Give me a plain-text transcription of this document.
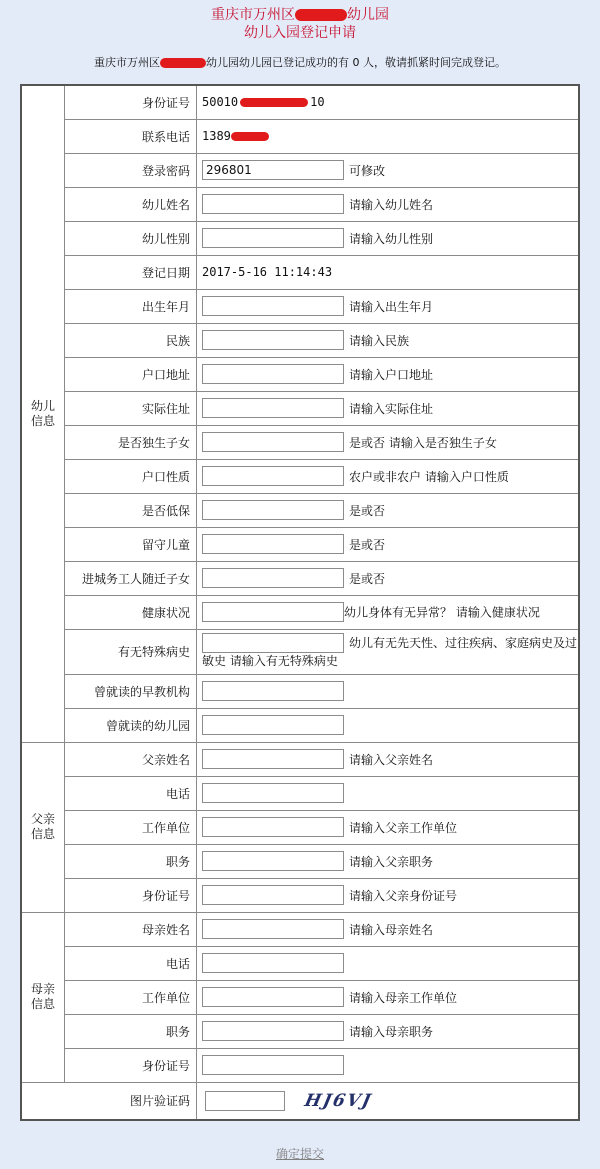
重庆市万州区	幼儿园
幼儿入园登记申请
重庆市万州区	幼儿园幼儿园已登记成功的有 0 人，敬请抓紧时间完成登记。
幼儿
信息	身份证号	50010 10
	联系电话	1389
	登录密码	296801 可修改
	幼儿姓名	请输入幼儿姓名
	幼儿性别	请输入幼儿性别
	登记日期	2017-5-16 11:14:43
	出生年月	请输入出生年月
	民族	请输入民族
	户口地址	请输入户口地址
	实际住址	请输入实际住址
	是否独生子女	是或否 请输入是否独生子女
	户口性质	农户或非农户 请输入户口性质
	是否低保	是或否
	留守儿童	是或否
	进城务工人随迁子女	是或否
	健康状况	幼儿身体有无异常？ 请输入健康状况
	有无特殊病史	幼儿有无先天性、过往疾病、家庭病史及过
敏史 请输入有无特殊病史
	曾就读的早教机构	
	曾就读的幼儿园	
父亲
信息	父亲姓名	请输入父亲姓名
	电话	
	工作单位	请输入父亲工作单位
	职务	请输入父亲职务
	身份证号	请输入父亲身份证号
母亲
信息	母亲姓名	请输入母亲姓名
	电话	
	工作单位	请输入母亲工作单位
	职务	请输入母亲职务
	身份证号	
图片验证码		HJ6VJ
确定提交
